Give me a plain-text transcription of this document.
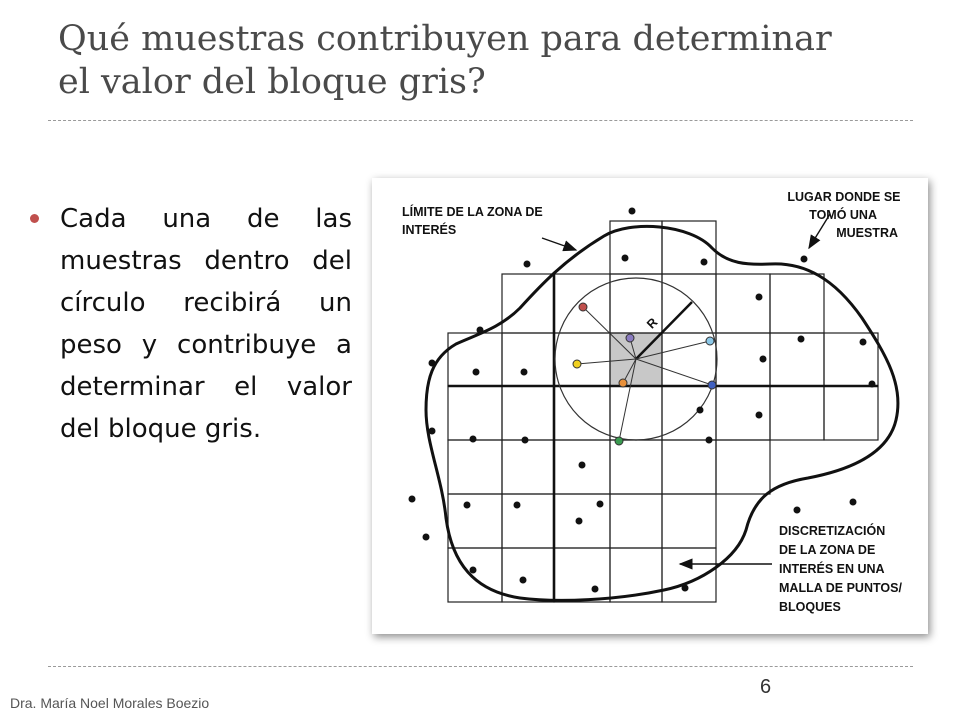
Qué muestras contribuyen para determinar
el valor del bloque gris?
Cada una de las muestras dentro del círculo recibirá un peso y contribuye a determinar el valor del bloque gris.
R
LÍMITE DE LA ZONA DE INTERÉS
LUGAR DONDE SE TOMÓ UNA MUESTRA
DISCRETIZACIÓN DE LA ZONA DE INTERÉS EN UNA MALLA DE PUNTOS/ BLOQUES
6
Dra. María Noel Morales Boezio
